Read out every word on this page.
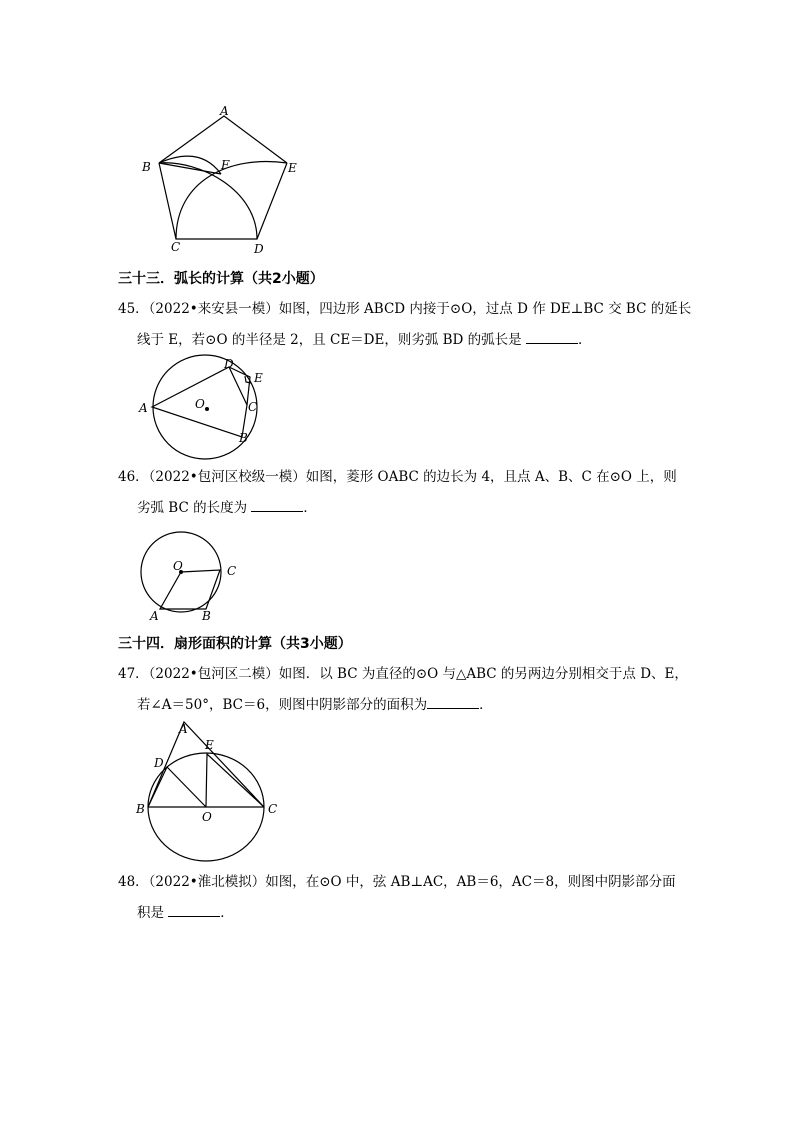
A
B	F	E
C	D
三十三．弧长的计算（共2小题）
45．（2022•来安县一模）如图，四边形 ABCD 内接于⊙O，过点 D 作 DE⊥BC 交 BC 的延长
线于 E，若⊙O 的半径是 2，且 CE＝DE，则劣弧 BD 的弧长是	．
A
D
E
C
B
O
46．（2022•包河区校级一模）如图，菱形 OABC 的边长为 4，且点 A、B、C 在⊙O 上，则
劣弧 BC 的长度为	．
O	C
A	B
三十四．扇形面积的计算（共3小题）
47．（2022•包河区二模）如图．以 BC 为直径的⊙O 与△ABC 的另两边分别相交于点 D、E，
若∠A＝50°，BC＝6，则图中阴影部分的面积为	．
A
E
D
B	C
O
48．（2022•淮北模拟）如图，在⊙O 中，弦 AB⊥AC，AB＝6，AC＝8，则图中阴影部分面
积是	．
